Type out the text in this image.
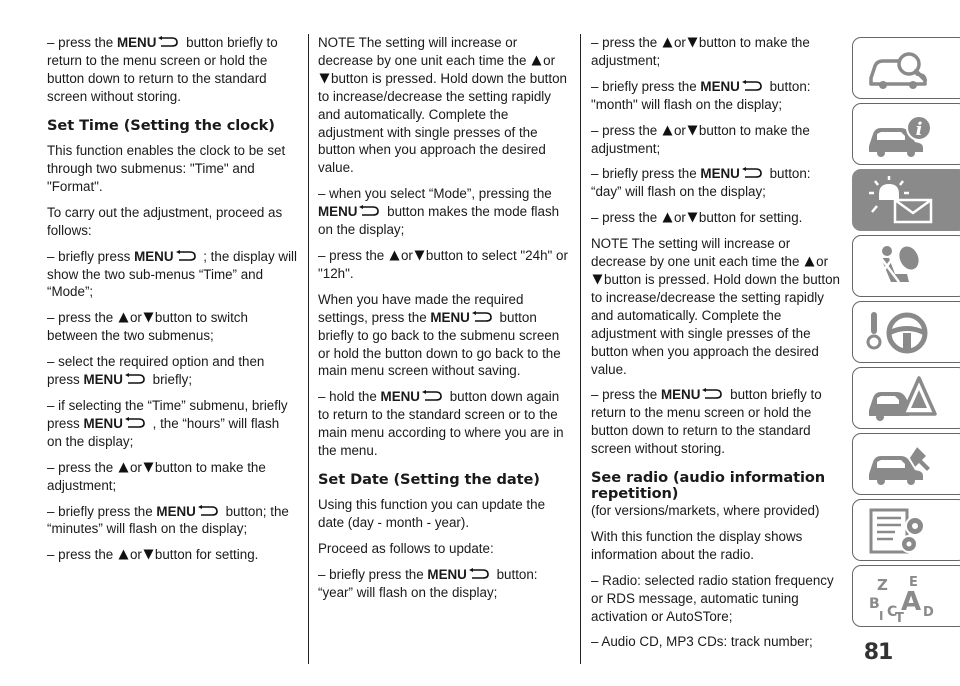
– press the MENU button briefly to return to the menu screen or hold the button down to return to the standard screen without storing.

Set Time (Setting the clock)

This function enables the clock to be set through two submenus: "Time" and "Format".

To carry out the adjustment, proceed as follows:

– briefly press MENU ; the display will show the two sub-menus “Time” and “Mode”;

– press the or button to switch between the two submenus;

– select the required option and then press MENU briefly;

– if selecting the “Time” submenu, briefly press MENU , the “hours” will flash on the display;

– press the or button to make the adjustment;

– briefly press the MENU button; the “minutes” will flash on the display;

– press the or button for setting.

NOTE The setting will increase or decrease by one unit each time the orbutton is pressed. Hold down the button to increase/decrease the setting rapidly and automatically. Complete the adjustment with single presses of the button when you approach the desired value.

– when you select “Mode”, pressing the MENU button makes the mode flash on the display;

– press the or button to select "24h" or "12h".

When you have made the required settings, press the MENU button briefly to go back to the submenu screen or hold the button down to go back to the main menu screen without saving.

– hold the MENU button down again to return to the standard screen or to the main menu according to where you are in the menu.

Set Date (Setting the date)

Using this function you can update the date (day - month - year).

Proceed as follows to update:

– briefly press the MENU button: “year” will flash on the display;

– press the or button to make the adjustment;

– briefly press the MENU button: "month" will flash on the display;

– press the or button to make the adjustment;

– briefly press the MENU button: “day” will flash on the display;

– press the or button for setting.

NOTE The setting will increase or decrease by one unit each time the orbutton is pressed. Hold down the button to increase/decrease the setting rapidly and automatically. Complete the adjustment with single presses of the button when you approach the desired value.

– press the MENU button briefly to return to the menu screen or hold the button down to return to the standard screen without storing.

See radio (audio information repetition)

(for versions/markets, where provided)

With this function the display shows information about the radio.

– Radio: selected radio station frequency or RDS message, automatic tuning activation or AutoSTore;

– Audio CD, MP3 CDs: track number;

i
Z E
B A
I C D
T
81
